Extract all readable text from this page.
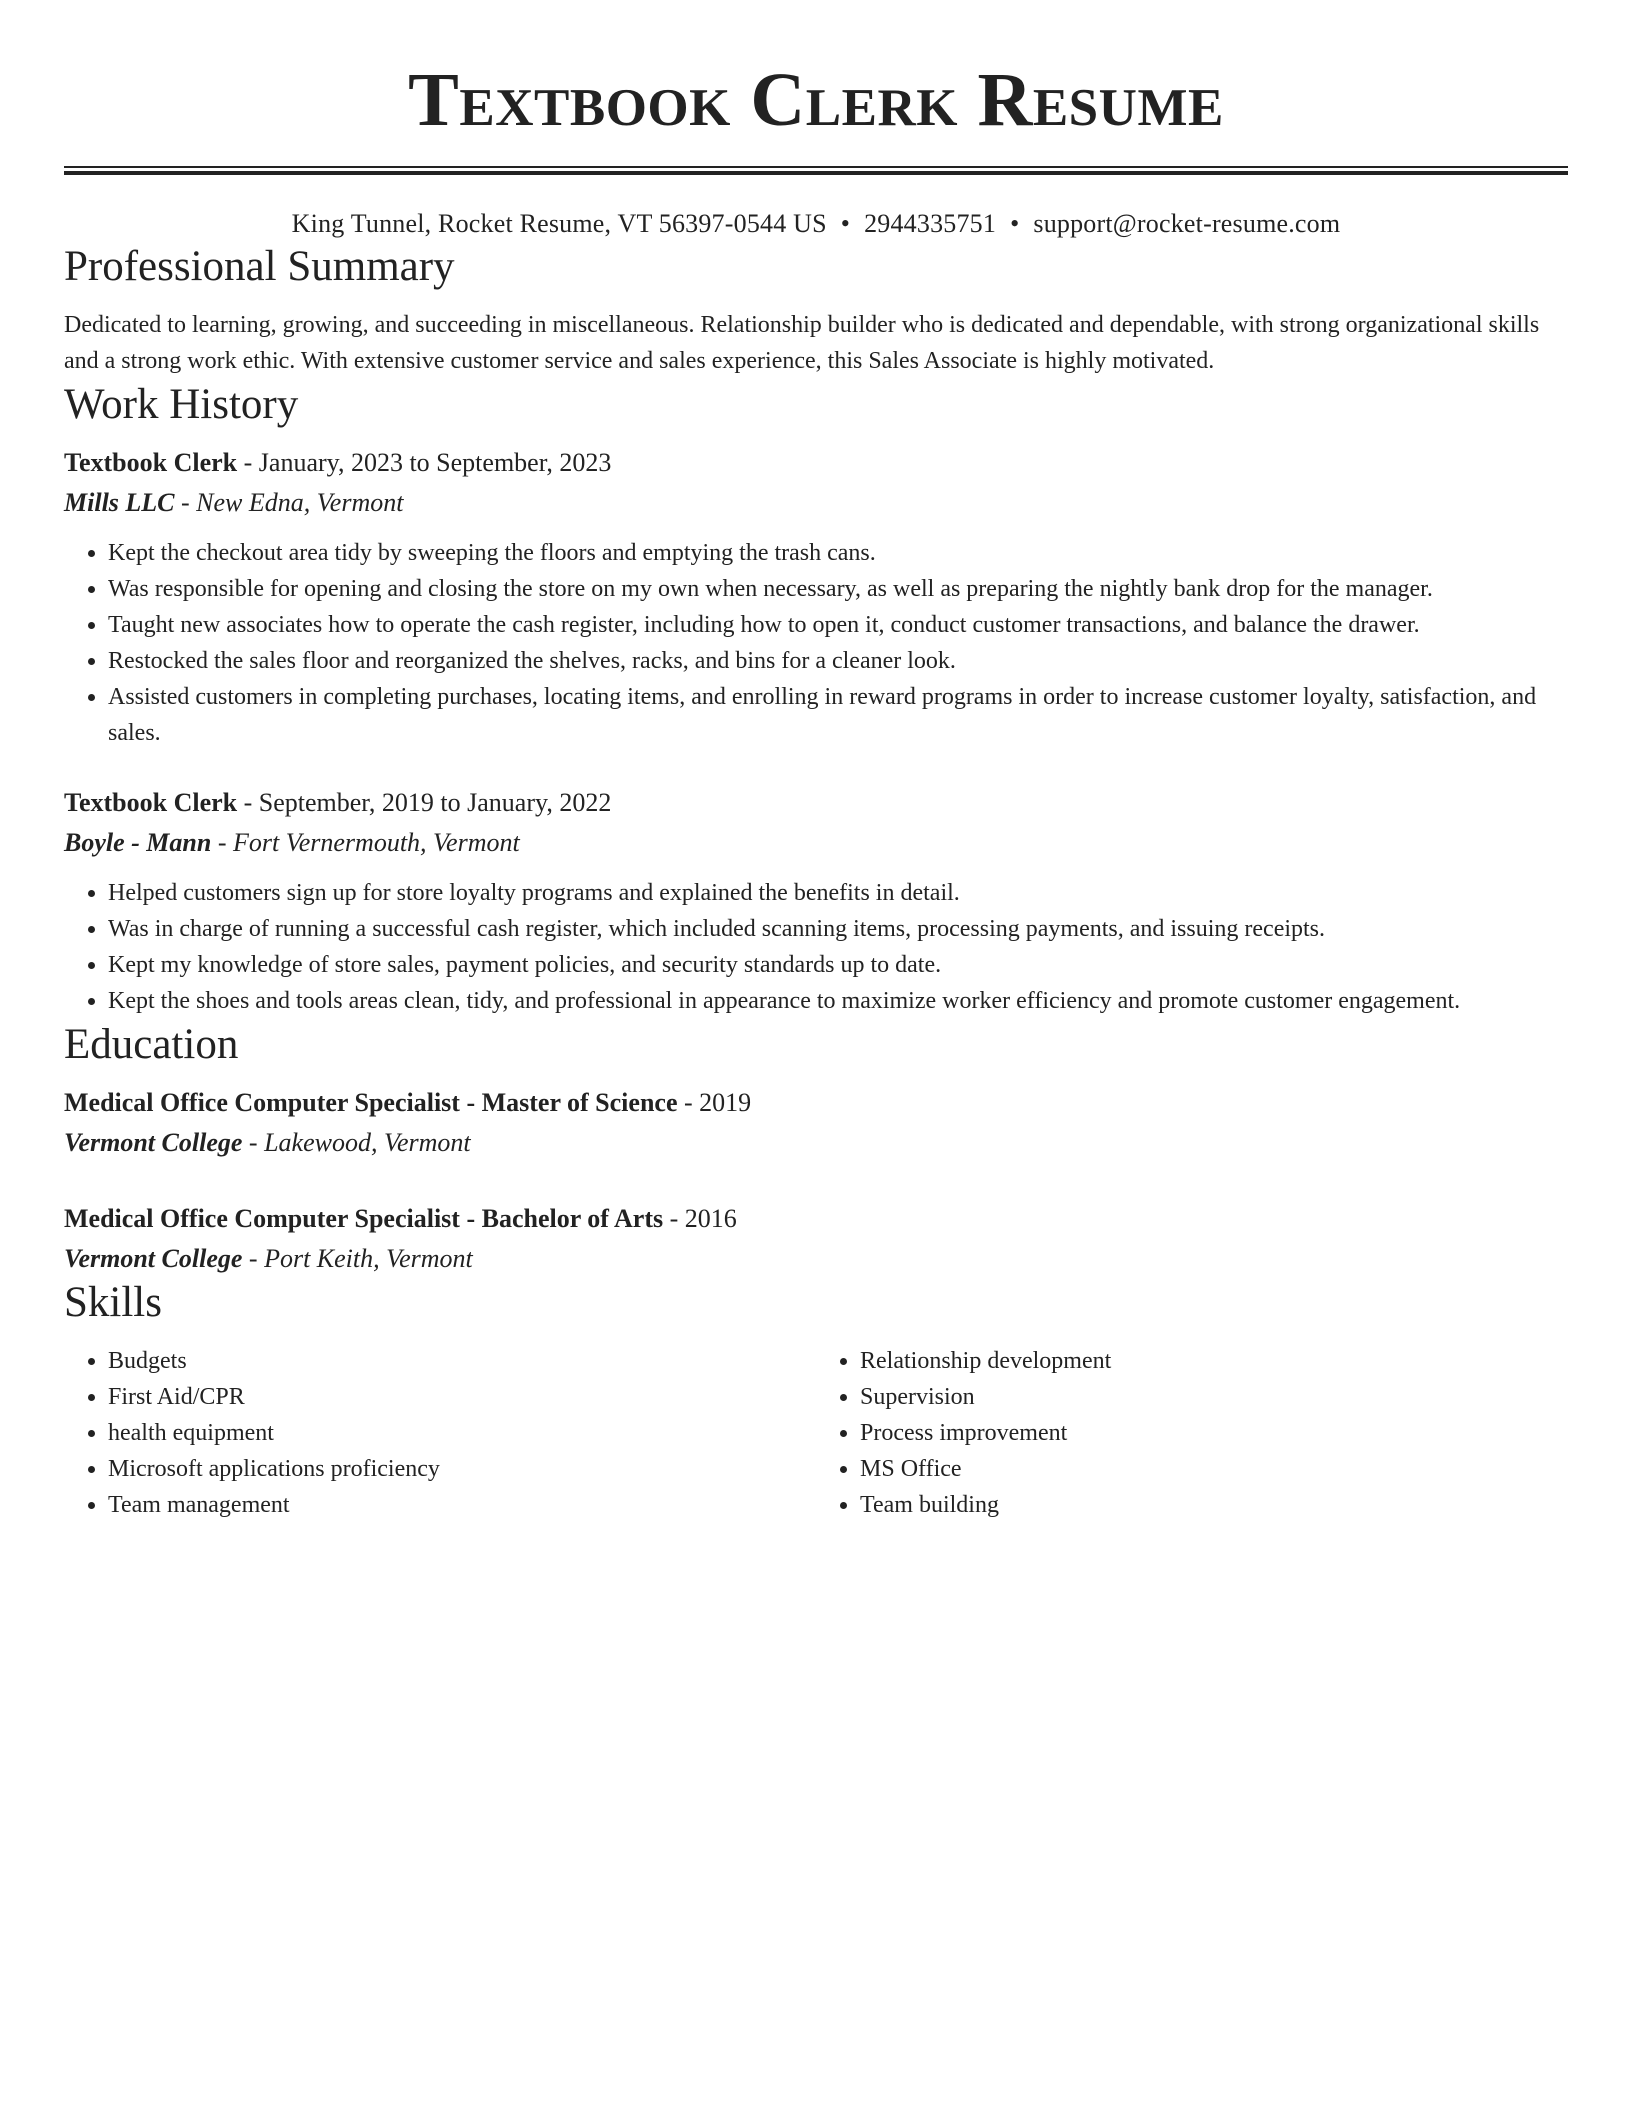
Textbook Clerk Resume
King Tunnel, Rocket Resume, VT 56397-0544 US • 2944335751 • support@rocket-resume.com
Professional Summary

Dedicated to learning, growing, and succeeding in miscellaneous. Relationship builder who is dedicated and dependable, with strong organizational skills and a strong work ethic. With extensive customer service and sales experience, this Sales Associate is highly motivated.

Work History
Textbook Clerk - January, 2023 to September, 2023
Mills LLC - New Edna, Vermont
• Kept the checkout area tidy by sweeping the floors and emptying the trash cans.
• Was responsible for opening and closing the store on my own when necessary, as well as preparing the nightly bank drop for the manager.
• Taught new associates how to operate the cash register, including how to open it, conduct customer transactions, and balance the drawer.
• Restocked the sales floor and reorganized the shelves, racks, and bins for a cleaner look.
• Assisted customers in completing purchases, locating items, and enrolling in reward programs in order to increase customer loyalty, satisfaction, and sales.
Textbook Clerk - September, 2019 to January, 2022
Boyle - Mann - Fort Vernermouth, Vermont
• Helped customers sign up for store loyalty programs and explained the benefits in detail.
• Was in charge of running a successful cash register, which included scanning items, processing payments, and issuing receipts.
• Kept my knowledge of store sales, payment policies, and security standards up to date.
• Kept the shoes and tools areas clean, tidy, and professional in appearance to maximize worker efficiency and promote customer engagement.
Education
Medical Office Computer Specialist - Master of Science - 2019
Vermont College - Lakewood, Vermont
Medical Office Computer Specialist - Bachelor of Arts - 2016
Vermont College - Port Keith, Vermont
Skills
• Budgets
• First Aid/CPR
• health equipment
• Microsoft applications proficiency
• Team management
• Relationship development
• Supervision
• Process improvement
• MS Office
• Team building
